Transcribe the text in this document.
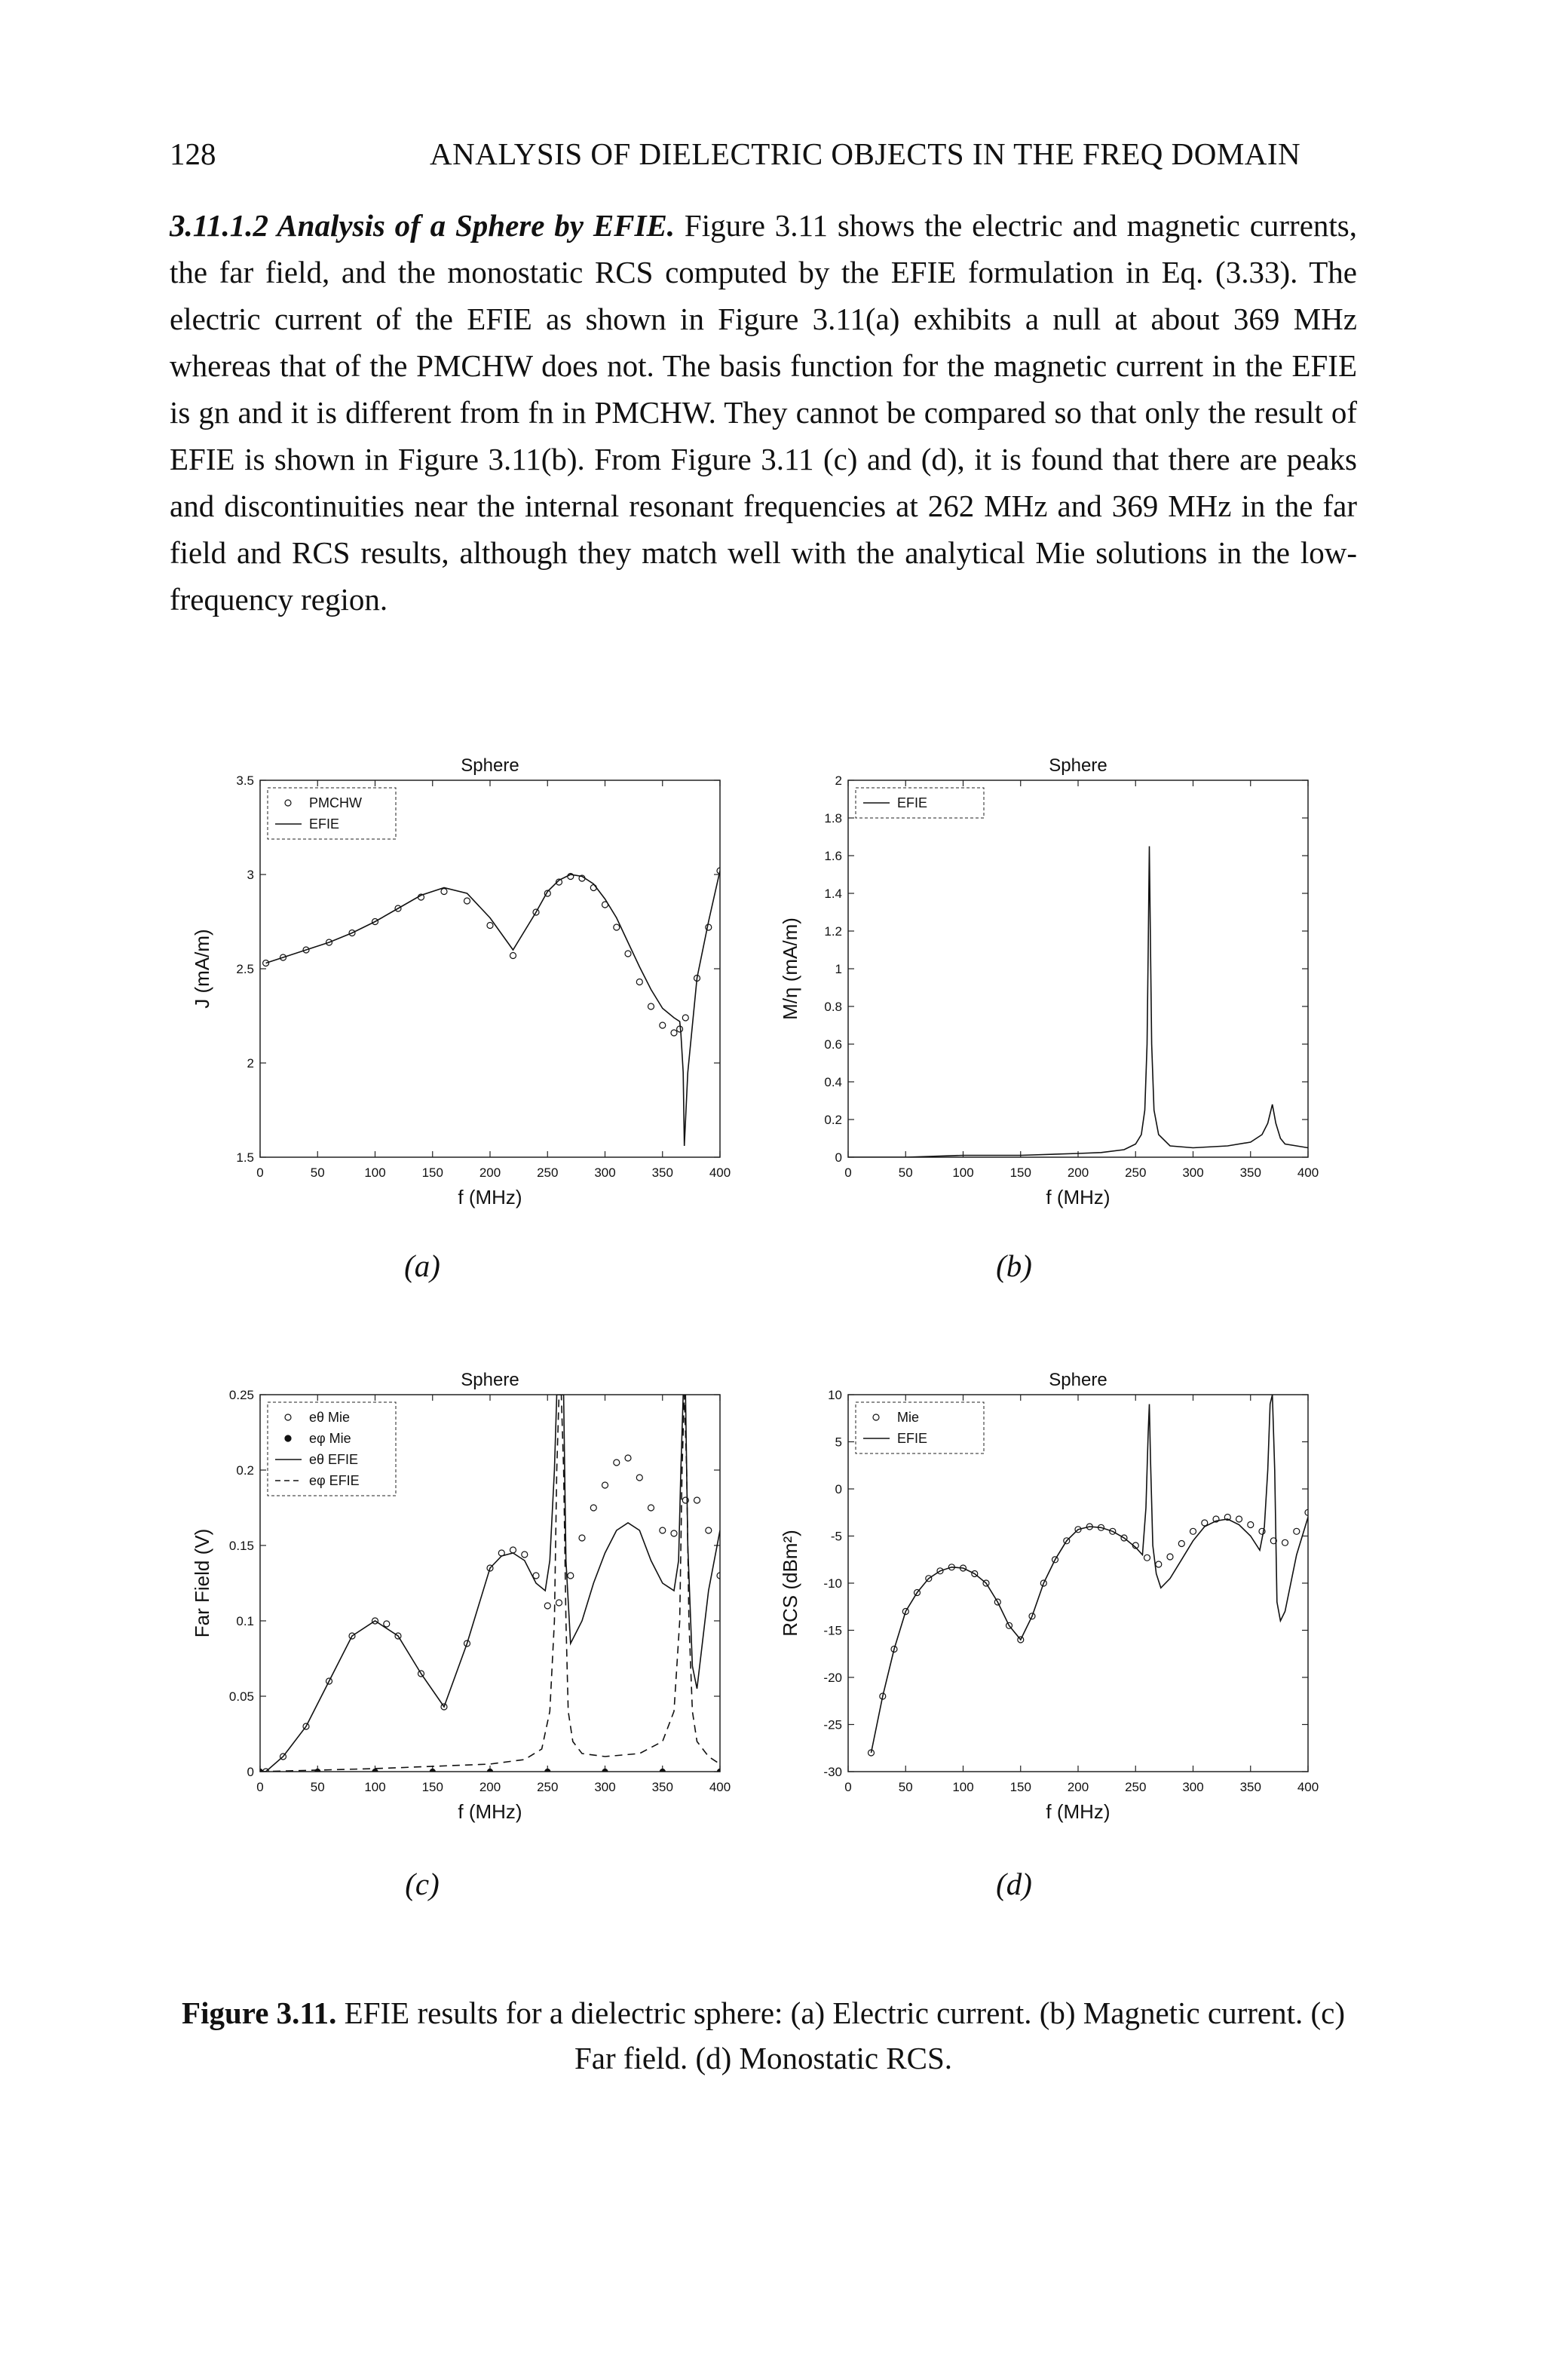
128	ANALYSIS OF DIELECTRIC OBJECTS IN THE FREQ DOMAIN

3.11.1.2 Analysis of a Sphere by EFIE. Figure 3.11 shows the electric and magnetic currents, the far field, and the monostatic RCS computed by the EFIE formulation in Eq. (3.33). The electric current of the EFIE as shown in Figure 3.11(a) exhibits a null at about 369 MHz whereas that of the PMCHW does not. The basis function for the magnetic current in the EFIE is gn and it is different from fn in PMCHW. They cannot be compared so that only the result of EFIE is shown in Figure 3.11(b). From Figure 3.11 (c) and (d), it is found that there are peaks and discontinuities near the internal resonant frequencies at 262 MHz and 369 MHz in the far field and RCS results, although they match well with the analytical Mie solutions in the low-frequency region.

Sphere
0	50	100	150	200	250	300	350	400
1.5
2
2.5
3
3.5
f (MHz)
J (mA/m)
PMCHW
EFIE
Sphere
0	50	100	150	200	250	300	350	400
0
0.2
0.4
0.6
0.8
1
1.2
1.4
1.6
1.8
2
f (MHz)
M/η (mA/m)
EFIE
Sphere
0	50	100	150	200	250	300	350	400
0
0.05
0.1
0.15
0.2
0.25
f (MHz)
Far Field (V)
eθ Mie
eφ Mie
eθ EFIE
eφ EFIE
Sphere
0	50	100	150	200	250	300	350	400
-30
-25
-20
-15
-10
-5
0
5
10
f (MHz)
RCS (dBm²)
Mie
EFIE
(a)	(b)
(c)	(d)
Figure 3.11. EFIE results for a dielectric sphere: (a) Electric current. (b) Magnetic current. (c) Far field. (d) Monostatic RCS.
